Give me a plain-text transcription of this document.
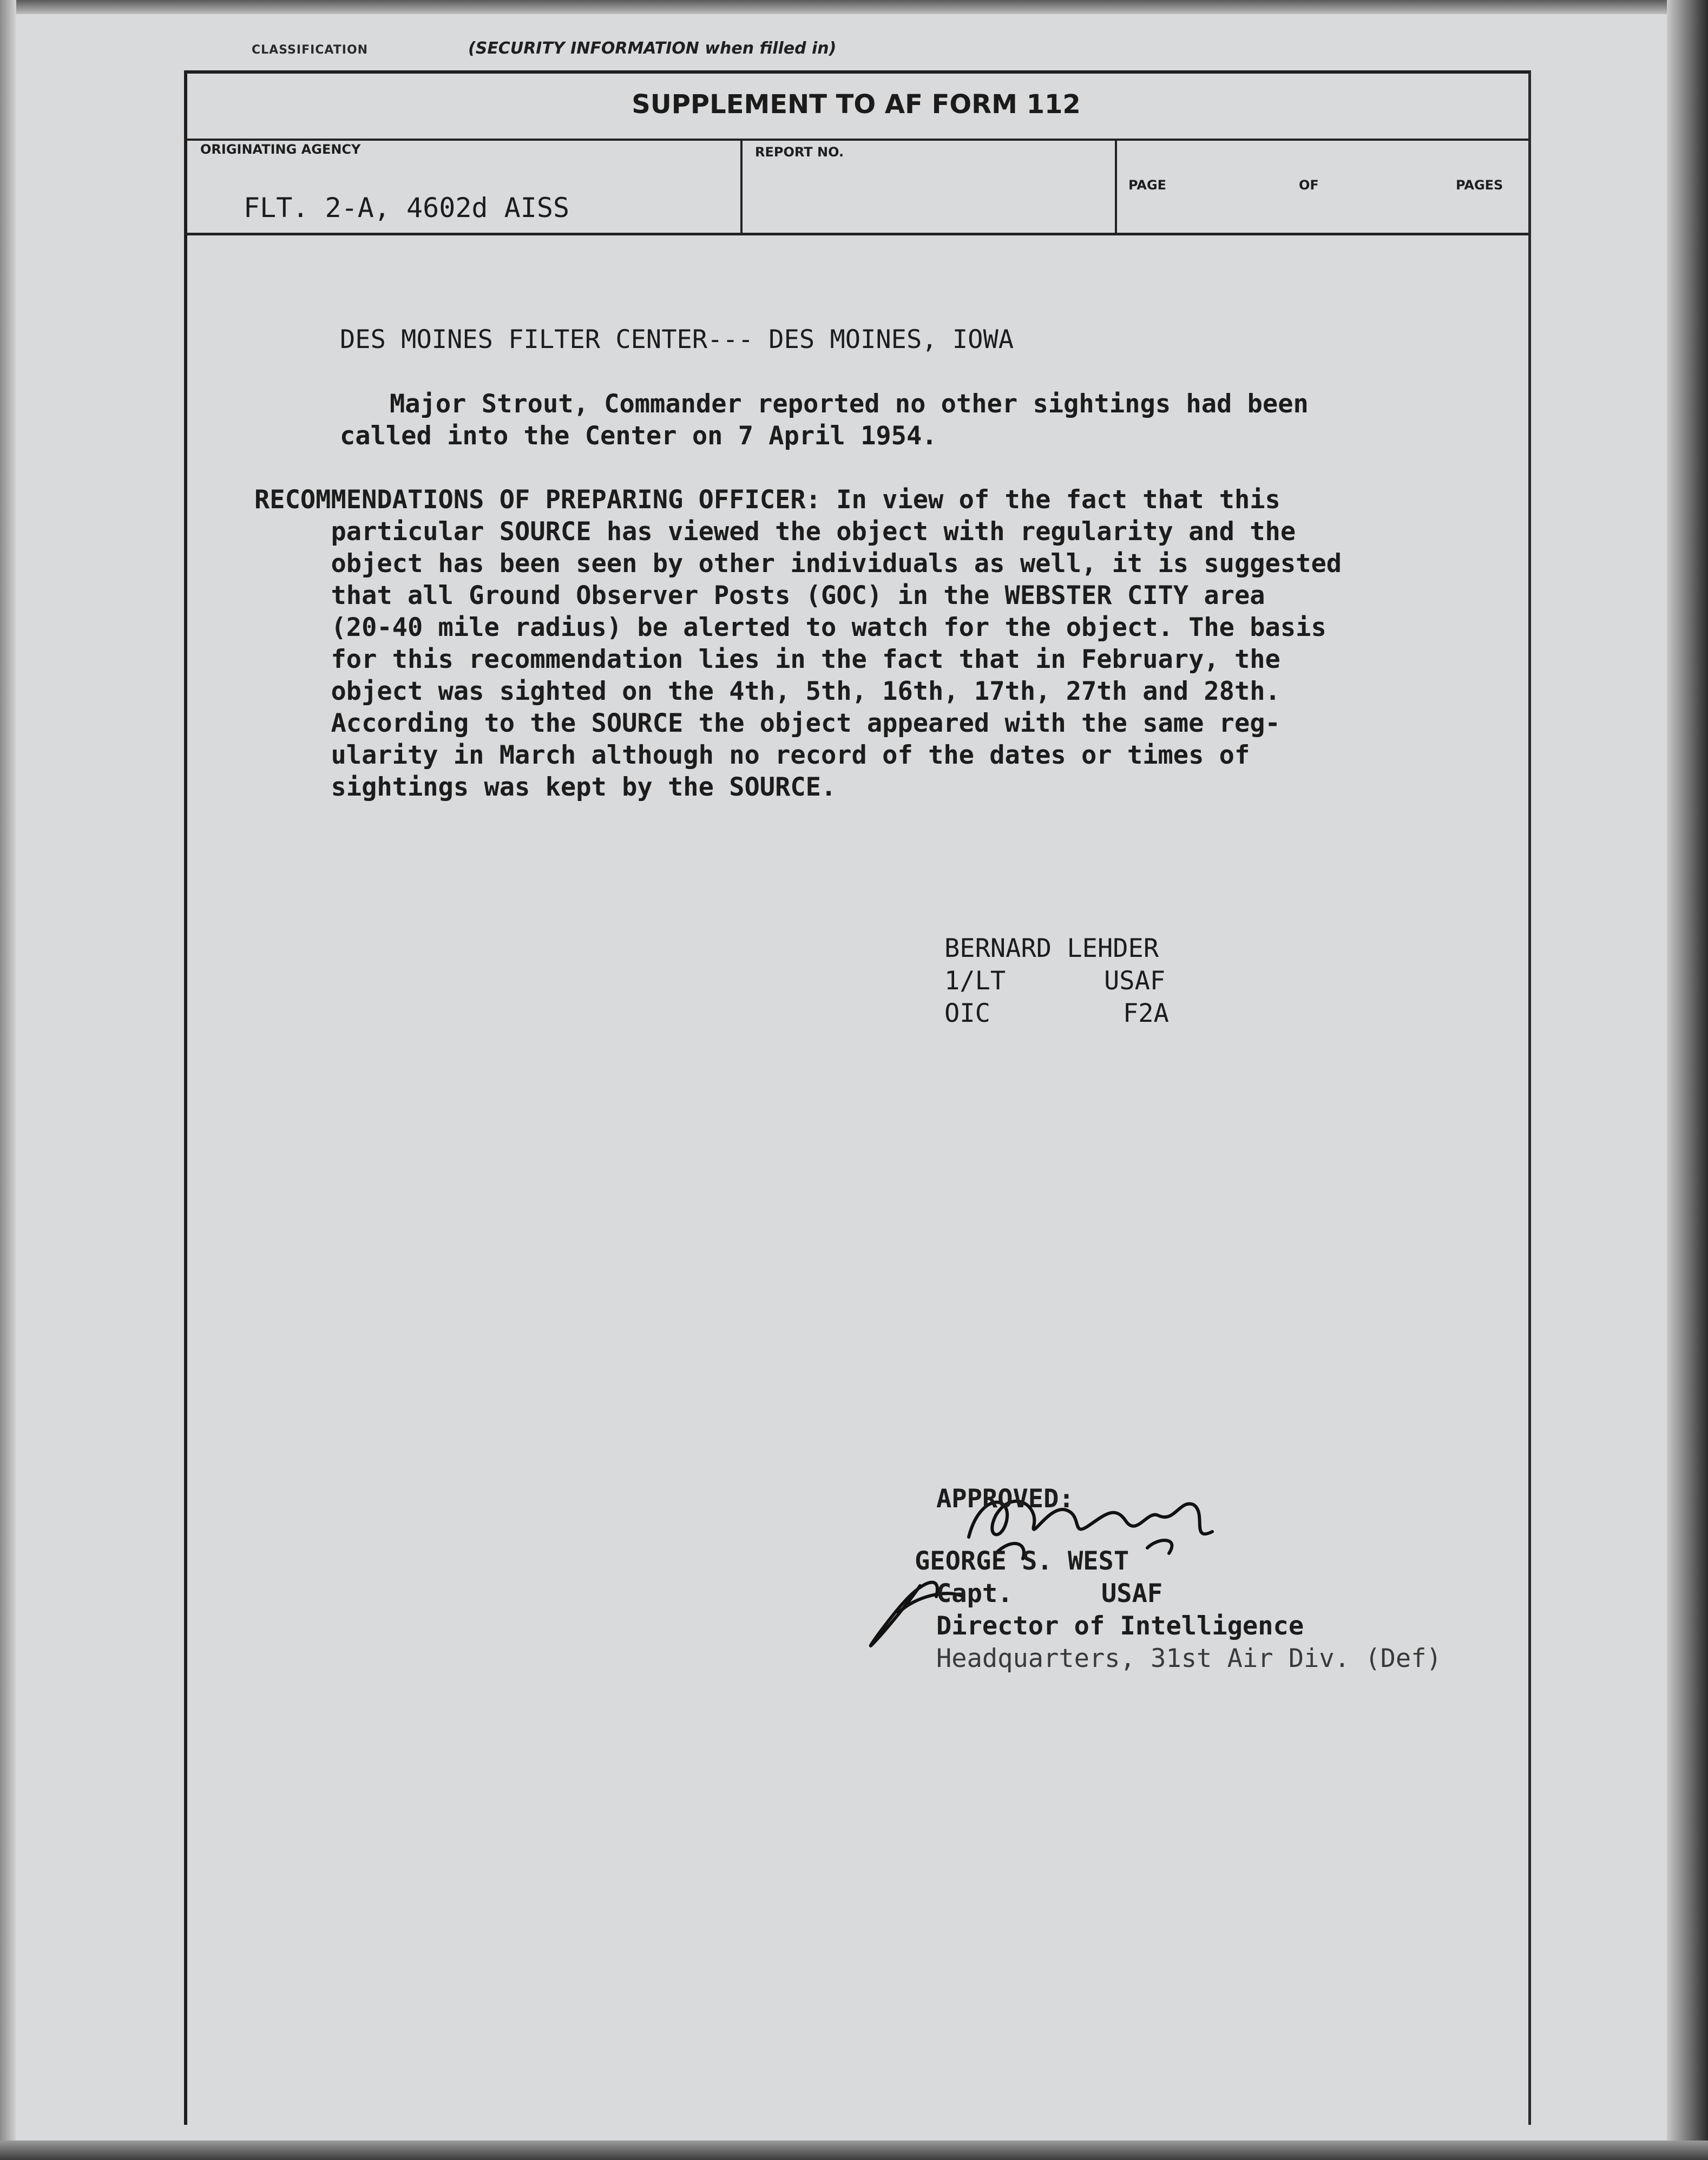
CLASSIFICATION	(SECURITY INFORMATION when filled in)
SUPPLEMENT TO AF FORM 112
ORIGINATING AGENCY
FLT. 2-A, 4602d AISS
REPORT NO.
PAGE	OF	PAGES
DES MOINES FILTER CENTER--- DES MOINES, IOWA
Major Strout, Commander reported no other sightings had been
called into the Center on 7 April 1954.
RECOMMENDATIONS OF PREPARING OFFICER: In view of the fact that this
particular SOURCE has viewed the object with regularity and the
object has been seen by other individuals as well, it is suggested
that all Ground Observer Posts (GOC) in the WEBSTER CITY area
(20-40 mile radius) be alerted to watch for the object. The basis
for this recommendation lies in the fact that in February, the
object was sighted on the 4th, 5th, 16th, 17th, 27th and 28th.
According to the SOURCE the object appeared with the same reg-
ularity in March although no record of the dates or times of
sightings was kept by the SOURCE.
BERNARD LEHDER
1/LT	USAF
OIC	F2A
APPROVED:
GEORGE S. WEST
Capt.	USAF
Director of Intelligence
Headquarters, 31st Air Div. (Def)
